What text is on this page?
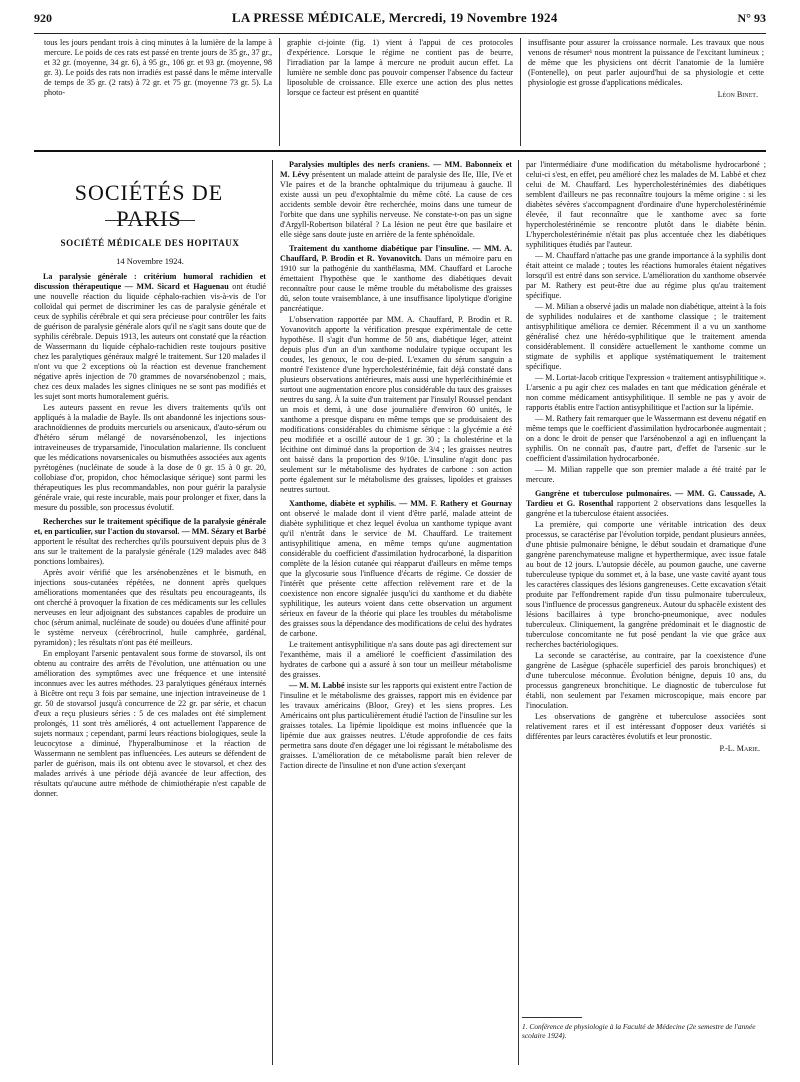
920	LA PRESSE MÉDICALE, Mercredi, 19 Novembre 1924	N° 93

tous les jours pendant trois à cinq minutes à la lumière de la lampe à mercure. Le poids de ces rats est passé en trente jours de 35 gr., 37 gr., et 32 gr. (moyenne, 34 gr. 6), à 95 gr., 106 gr. et 93 gr. (moyenne, 98 gr. 3). Le poids des rats non irradiés est passé dans le même intervalle de temps de 35 gr. (2 rats) à 72 gr. et 75 gr. (moyenne 73 gr. 5). La photo-

graphie ci-jointe (fig. 1) vient à l'appui de ces protocoles d'expérience. Lorsque le régime ne contient pas de beurre, l'irradiation par la lampe à mercure ne produit aucun effet. La lumière ne semble donc pas pouvoir compenser l'absence du facteur liposoluble de croissance. Elle exerce une action des plus nettes lorsque ce facteur est présent en quantité

insuffisante pour assurer la croissance normale. Les travaux que nous venons de résumer¹ nous montrent la puissance de l'excitant lumineux ; de même que les physiciens ont décrit l'anatomie de la lumière (Fontenelle), on peut parler aujourd'hui de sa physiologie et cette physiologie est grosse d'applications médicales.

Léon Binet.
SOCIÉTÉS DE PARIS
SOCIÉTÉ MÉDICALE DES HOPITAUX
14 Novembre 1924.

La paralysie générale : critérium humoral rachidien et discussion thérapeutique — MM. Sicard et Haguenau ont étudié une nouvelle réaction du liquide céphalo-rachien vis-à-vis de l'or colloïdal qui permet de discriminer les cas de paralysie générale et ceux de syphilis cérébrale et qui sera précieuse pour contrôler les faits de guérison de paralysie générale alors qu'il ne s'agit sans doute que de syphilis cérébrale. Depuis 1913, les auteurs ont constaté que la réaction de Wassermann du liquide céphalo-rachidien reste toujours positive chez les paralytiques généraux malgré le traitement. Sur 120 malades il n'ont vu que 2 exceptions où la réaction est devenue franchement négative après injection de 70 grammes de novarsénobenzol ; mais, chez ces deux malades les signes cliniques ne se sont pas modifiés et les sujet sont morts humoralement guéris.

Les auteurs passent en revue les divers traitements qu'ils ont appliqués à la maladie de Bayle. Ils ont abandonné les injections sous-arachnoïdiennes de produits mercuriels ou arsenicaux, d'auto-sérum ou d'hétéro sérum mélangé de novarsénobenzol, les injections intraveineuses de tryparsamide, l'inoculation malarienne. Ils concluent que les médications novarsenicales ou bismuthées associées aux agents pyrétogènes (nucléinate de soude à la dose de 0 gr. 15 à 0 gr. 20, collobiase d'or, propidon, choc hémoclasique sérique) sont parmi les thérapeutiques les plus recommandables, non pour guérir la paralysie générale vraie, qui reste incurable, mais pour prolonger et fixer, dans la mesure du possible, son processus évolutif.

Recherches sur le traitement spécifique de la paralysie générale et, en particulier, sur l'action du stovarsol. — MM. Sézary et Barbé apportent le résultat des recherches qu'ils poursuivent depuis plus de 3 ans sur le traitement de la paralysie générale (129 malades avec 848 ponctions lombaires).

Après avoir vérifié que les arsénobenzènes et le bismuth, en injections sous-cutanées répétées, ne donnent après quelques améliorations momentanées que des résultats peu encourageants, ils ont cherché à provoquer la fixation de ces médicaments sur les cellules nerveuses en leur adjoignant des substances capables de produire un choc (sérum animal, nucléinate de soude) ou douées d'une affinité pour le système nerveux (cérébrocrinol, huile camphrée, gardénal, pyramidon) ; les résultats n'ont pas été meilleurs.

En employant l'arsenic pentavalent sous forme de stovarsol, ils ont obtenu au contraire des arrêts de l'évolution, une atténuation ou une amélioration des symptômes avec une fréquence et une intensité inconnues avec les autres méthodes. 23 paralytiques généraux internés à Bicêtre ont reçu 3 fois par semaine, une injection intraveineuse de 1 gr. 50 de stovarsol jusqu'à concurrence de 22 gr. par série, et chacun d'eux a reçu plusieurs séries : 5 de ces malades ont été simplement prolongés, 11 sont très améliorés, 4 ont actuellement l'apparence de sujets normaux ; cependant, parmi leurs réactions biologiques, seule la leucocytose a diminué, l'hyperalbuminose et la réaction de Wassermann ne semblent pas influencées. Les auteurs se défendent de parler de guérison, mais ils ont obtenu avec le stovarsol, et chez des malades arrivés à une période déjà avancée de leur affection, des résultats qu'aucune autre méthode de chimiothérapie n'est capable de donner.

Paralysies multiples des nerfs craniens. — MM. Babonneix et M. Lévy présentent un malade atteint de paralysie des IIe, IIIe, IVe et VIe paires et de la branche ophtalmique du trijumeau à gauche. Il existe aussi un peu d'exophtalmie du même côté. La cause de ces accidents semble devoir être recherchée, moins dans une tumeur de l'orbite que dans une syphilis nerveuse. Ne constate-t-on pas un signe d'Argyll-Robertson bilatéral ? La lésion ne peut être que basilaire et elle siège sans doute juste en arrière de la fente sphénoïdale.

Traitement du xanthome diabétique par l'insuline. — MM. A. Chauffard, P. Brodin et R. Yovanovitch. Dans un mémoire paru en 1910 sur la pathogénie du xanthélasma, MM. Chauffard et Laroche émettaient l'hypothèse que le xanthome des diabétiques devait reconnaître pour cause le même trouble du métabolisme des graisses dû, selon toute vraisemblance, à une insuffisance lipolytique d'origine pancréatique.

L'observation rapportée par MM. A. Chauffard, P. Brodin et R. Yovanovitch apporte la vérification presque expérimentale de cette hypothèse. Il s'agit d'un homme de 50 ans, diabétique léger, atteint depuis plus d'un an d'un xanthome nodulaire typique occupant les coudes, les genoux, le cou de-pied. L'examen du sérum sanguin a montré l'existence d'une hypercholestérinémie, fait déjà constaté dans plusieurs observations antérieures, mais aussi une hyperlécithinémie et surtout une augmentation encore plus considérable du taux des graisses neutres du sang. À la suite d'un traitement par l'insulyl Roussel pendant un mois et demi, à une dose journalière d'environ 60 unités, le xanthome a presque disparu en même temps que se produisaient des modifications considérables du chimisme sérique : la glycémie a été peu modifiée et a oscillé autour de 1 gr. 30 ; la cholestérine et la lécithine ont diminué dans la proportion de 3/4 ; les graisses neutres ont baissé dans la proportion des 9/10e. L'insuline n'agit donc pas seulement sur le métabolisme des hydrates de carbone : son action porte également sur le métabolisme des graisses, lipoïdes et graisses neutres surtout.

Xanthome, diabète et syphilis. — MM. F. Rathery et Gournay ont observé le malade dont il vient d'être parlé, malade atteint de diabète syphilitique et chez lequel évolua un xanthome typique avant qu'il n'entrât dans le service de M. Chauffard. Le traitement antisyphilitique amena, en même temps qu'une augmentation considérable du coefficient d'assimilation hydrocarboné, la disparition complète de la lésion cutanée qui réapparut d'ailleurs en même temps que la glycosurie sous l'influence d'écarts de régime. Ce dossier de l'intérêt que présente cette affection relèvement rare et de la coexistence non encore signalée jusqu'ici du xanthome et du diabète syphilitique, les auteurs voient dans cette observation un argument sérieux en faveur de la théorie qui place les troubles du métabolisme des graisses sous la dépendance des modifications de celui des hydrates de carbone.

Le traitement antisyphilitique n'a sans doute pas agi directement sur l'exanthème, mais il a amélioré le coefficient d'assimilation des hydrates de carbone qui a assuré à son tour un meilleur métabolisme des graisses.

— M. M. Labbé insiste sur les rapports qui existent entre l'action de l'insuline et le métabolisme des graisses, rapport mis en évidence par les travaux américains (Bloor, Grey) et les siens propres. Les Américains ont plus particulièrement étudié l'action de l'insuline sur les graisses totales. La lipémie lipoïdique est moins influencée que la lipémie due aux graisses neutres. L'étude approfondie de ces faits permettra sans doute d'en dégager une loi régissant le métabolisme des graisses. L'amélioration de ce métabolisme paraît bien relever de l'action directe de l'insuline et non d'une action s'exerçant

par l'intermédiaire d'une modification du métabolisme hydrocarboné ; celui-ci s'est, en effet, peu amélioré chez les malades de M. Labbé et chez celui de M. Chauffard. Les hypercholestérinémies des diabétiques semblent d'ailleurs ne pas reconnaître toujours la même origine : si les diabètes sévères s'accompagnent d'ordinaire d'une hypercholestérinémie élevée, il faut reconnaître que le xanthome avec sa forte hypercholestérinémie se rencontre plutôt dans le diabète bénin. L'hypercholestérinémie n'était pas plus accentuée chez les diabétiques syphilitiques étudiés par l'auteur.

— M. Chauffard n'attache pas une grande importance à la syphilis dont était atteint ce malade ; toutes les réactions humorales étaient négatives lorsqu'il est entré dans son service. L'amélioration du xanthome observée par M. Rathery est peut-être due au régime plus qu'au traitement spécifique.

— M. Milian a observé jadis un malade non diabétique, atteint à la fois de syphilides nodulaires et de xanthome classique ; le traitement antisyphilitique améliora ce dernier. Récemment il a vu un xanthome généralisé chez une hérédo-syphilitique que le traitement amenda considérablement. Il considère actuellement le xanthome comme un stigmate de syphilis et applique systématiquement le traitement spécifique.

— M. Lortat-Jacob critique l'expression « traitement antisyphilitique ». L'arsenic a pu agir chez ces malades en tant que médication générale et non comme médicament antisyphilitique. Il semble ne pas y avoir de rapports établis entre l'action antisyphilitique et l'action sur la lipémie.

— M. Rathery fait remarquer que le Wassermann est devenu négatif en même temps que le coefficient d'assimilation hydrocarbonée augmentait ; on a donc le droit de penser que l'arsénobenzol a agi en influençant la syphilis. On ne connaît pas, d'autre part, d'effet de l'arsenic sur le coefficient d'assimilation hydrocarbonée.

— M. Milian rappelle que son premier malade a été traité par le mercure.

Gangrène et tuberculose pulmonaires. — MM. G. Caussade, A. Tardieu et G. Rosenthal rapportent 2 observations dans lesquelles la gangrène et la tuberculose étaient associées.

La première, qui comporte une véritable intrication des deux processus, se caractérise par l'évolution torpide, pendant plusieurs années, d'une phtisie pulmonaire bénigne, le début soudain et dramatique d'une gangrène parenchymateuse maligne et hyperthermique, avec issue fatale au bout de 12 jours. L'autopsie décèle, au poumon gauche, une caverne tuberculeuse typique du sommet et, à la base, une vaste cavité ayant tous les caractères classiques des lésions gangreneuses. Cette excavation s'était produite par l'effondrement rapide d'un tissu pulmonaire tuberculeux, sous l'influence de processus gangreneux. Autour du sphacèle existent des lésions bacillaires à type broncho-pneumonique, avec nodules tuberculeux. Cliniquement, la gangrène prédominait et le diagnostic de tuberculose concomitante ne fut posé pendant la vie que grâce aux recherches bactériologiques.

La seconde se caractérise, au contraire, par la coexistence d'une gangrène de Lasègue (sphacèle superficiel des parois bronchiques) et d'une tuberculose méconnue. Évolution bénigne, depuis 10 ans, du processus gangreneux bronchitique. Le diagnostic de tuberculose fut établi, non seulement par l'examen microscopique, mais encore par l'inoculation.

Les observations de gangrène et tuberculose associées sont relativement rares et il est intéressant d'opposer deux variétés si différentes par leurs caractères évolutifs et leur pronostic.

P.-L. Marie.
1. Conférence de physiologie à la Faculté de Médecine (2e semestre de l'année scolaire 1924).
